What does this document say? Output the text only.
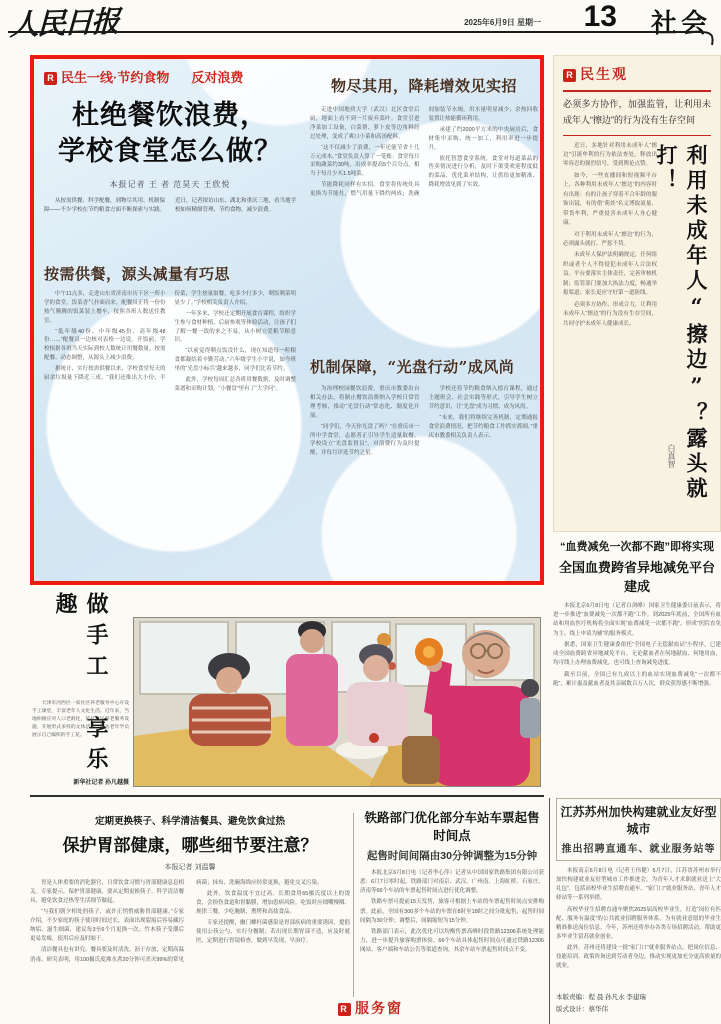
人民日报	2025年6月9日 星期一 13 社会
R 民生一线·节约食物 反对浪费
杜绝餐饮浪费，
学校食堂怎么做？
本报记者 王 者 范昊天 王欣悦

从按需供餐、科学配餐，到物尽其用、机制保障——不少学校在节约粮食方面不断探索与实践。近日，记者探访山东、湖北和重庆三地，看当地学校如何精细管理、节约食物，减少浪费。

按需供餐，源头减量有巧思

中午11点多，走进山东省济南市历下区一所小学的食堂，饭菜香气扑面而来。配餐员正将一份份热气腾腾的饭菜装上餐车，按照各班人数送往教室。

“低年级40份、中年级45份、高年级48份……”配餐员一边核对表格一边说。开饭前，学校根据各班当天实际到校人数统计用餐数量，按需配餐、动态调整，从源头上减少浪费。

据统计，实行按需供餐以来，学校食堂每天的厨余垃圾量下降近三成。“我们还推出大小份、半份菜，学生按量取餐，吃多少打多少，剩饭剩菜明显少了。”学校相关负责人介绍。

一年多来，学校还定期开展食育课程，组织学生参与食材种植、后厨参观等体验活动，让孩子们了解一餐一饭的来之不易，从小树立爱粮节粮意识。

“以前觉得剩点饭没什么，现在知道每一粒粮食都凝结着辛勤劳动。”六年级学生小宇说，如今班里的“光盘小标兵”越来越多，同学们比着节约。

此外，学校每周汇总各班用餐数据，及时调整菜谱和采购计划，“小餐盘”里有了“大学问”。

物尽其用，降耗增效见实招

走进中国地质大学（武汉）北区食堂后厨，地面上看不到一片废弃菜叶。食堂引进净菜加工设备，白菜帮、萝卜皮等边角料经过处理，变成了爽口小菜和高汤配料。

“这不仅减少了浪费，一年还能节省十几万元成本。”食堂负责人算了一笔账：食堂每月采购蔬菜约30吨，出成率提高5个百分点，相当于每月少买1.5吨菜。

节能降耗同样有实招。食堂将传统灶具更换为节能灶，燃气用量下降约两成；洗碗间加装节水阀，用水量明显减少；余热回收装置让热能循环利用。

承建了约2000平方米的中央厨房后，食材集中采购、统一加工，利用率进一步提升。

依托智慧食堂系统，食堂对每道菜品的售卖情况进行分析，及时下架受欢迎程度低的菜品，优化菜单结构，让供给更加精准，降耗增效见到了实效。

机制保障，“光盘行动”成风尚

为治理校园餐饮浪费，重庆市教委出台相关办法，将制止餐饮浪费纳入学校日常管理考核，推动“光盘行动”常态化、制度化开展。

“同学们，今天你光盘了吗？”在重庆市一所中学食堂，志愿者正引导学生适量取餐。学校设立“光盘监督员”，对浪费行为及时提醒，并每月评选节约之星。

学校还将节约粮食纳入德育课程，通过主题班会、社会实践等形式，引导学生树立节约意识，让“光盘”成为习惯、成为风尚。

“未来，我们将继续完善机制，定期通报食堂浪费情况，把节约粮食工作抓实抓细。”重庆市教委相关负责人表示。

R 民生观
必须多方协作，加强监管，让利用未成年人“擦边”的行为没有生存空间

近日，多地针对利用未成年人“擦边”引流牟利的行为依法查处，释放出零容忍的强烈信号，受到舆论点赞。

如今，一些直播间和短视频平台上，各种利用未成年人“擦边”的内容时有出现：有的让孩子穿着不合年龄的服饰出镜，有的借“萌娃”名义博取流量、带货牟利，严重侵害未成年人身心健康。

对于利用未成年人“擦边”的行为，必须露头就打、严惩不贷。

未成年人保护法明确规定，任何组织或者个人不得侵犯未成年人合法权益。平台要落实主体责任，完善审核机制；监管部门要加大执法力度，畅通举报渠道；家长更应守好第一道防线。

必须多方协作、形成合力，让利用未成年人“擦边”的行为没有生存空间，共同守护未成年人健康成长。	利用未成年人“擦边”？露头就打！
白真智
“血费减免一次都不跑”即将实现
全国血费跨省异地减免平台建成

本报北京6月8日电（记者白剑峰）国家卫生健康委日前表示，将进一步推进“血费减免一次都不跑”工作。到2025年底前，全国所有血站和用血医疗机构将全面实现“血费减免一次都不跑”，形成“医院直免为主、线上申请为辅”的服务模式。

据悉，国家卫生健康委依托“全国电子无偿献血证”小程序，已建成全国血费跨省异地减免平台。无论献血者在何地献血、何地用血，均可线上办理血费减免，也可线上查询减免进度。

截至目前，全国已有九成以上的血站实现血费减免“一次都不跑”，累计惠及献血者及其亲属数百万人次，群众获得感不断增强。

做手工　享乐趣

天津市河西区一家社区养老服务中心开设手工课堂，丰富老年人文化生活。近年来，当地积极应对人口老龄化，依托社区养老服务设施，开展形式多样的文体活动。图为老年学员展示自己编织的手工花。

新华社记者 孙凡越摄
定期更换筷子、科学清洁餐具、避免饮食过热
保护胃部健康，哪些细节要注意？
本报记者 刘温馨

胃是人体重要的消化器官，日常饮食习惯与胃部健康息息相关。专家提示，保护胃部健康，要从定期更换筷子、科学清洁餐具、避免饮食过热等生活细节做起。

“与我们朝夕相处的筷子，或许正悄悄威胁胃部健康。”专家介绍，不少家庭的筷子使用时间过长，表面出现裂痕后容易藏污纳垢、滋生细菌，建议每3至6个月更换一次；竹木筷子受潮后更易发霉，使用后应及时晾干。

清洁餐具也有讲究。餐具要及时清洗、沥干存放，定期高温消毒。研究表明，用100摄氏度沸水煮20分钟可杀灭99%的常见病菌；抹布、洗碗海绵应经常更换，避免交叉污染。

此外，饮食温度不宜过高。长期食用65摄氏度以上的烫食，会损伤食道和胃黏膜，增加患病风险。吃饭时应细嚼慢咽、规律三餐，少吃腌制、熏烤和高盐食品。

专家还提醒，幽门螺杆菌感染是胃部疾病的重要诱因，提倡使用公筷公勺、实行分餐制；若出现长期胃部不适，应及时就医，定期进行胃镜检查，做到早发现、早治疗。

铁路部门优化部分车站车票起售时间点
起售时间间隔由30分钟调整为15分钟

本报北京6月8日电（记者李心萍）记者从中国国家铁路集团有限公司获悉：6月7日零时起，铁路部门对南京、武汉、广州南、上海虹桥、石家庄、济南等66个车站的车票起售时间点进行优化调整。

铁路车票可提前15天发售，旅客可根据上车站的车票起售时间点安排购票。此前，全国有300多个车站的车票在8时至18时之间分批起售，起售时间间隔为30分钟；调整后，间隔缩短为15分钟。

铁路部门表示，此次优化可以均衡售票高峰时段铁路12306系统处理能力，进一步提升旅客购票体验。66个车站具体起售时间点可通过铁路12306网站、客户端和车站公告等渠道查询，其余车站车票起售时间点不变。

R 服务窗
江苏苏州加快构建就业友好型城市
推出招聘直通车、就业服务站等

本报南京6月8日电（记者王伟健）6月7日，江苏省苏州市举行加快构建就业友好型城市工作推进会，为青年人才求职就业送上“大礼包”，包括高校毕业生招聘直通车、“家门口”就业服务站、青年人才驿站等一系列举措。

高校毕业生招聘直通车聚焦2025届高校毕业生，打造“岗位有匹配、服务有温度”的公共就业招聘服务体系，为有就业意愿的毕业生精准推送岗位信息。今年，苏州还将举办各类专场招聘活动，帮助更多毕业生留苏就业创业。

此外，苏州还将建设一批“家门口”就业服务站点，把岗位信息、技能培训、政策咨询送到劳动者身边，推动实现更加充分更高质量的就业。

本版责编：程 晨 孙凡水 李建瑞
版式设计：蔡华伟
